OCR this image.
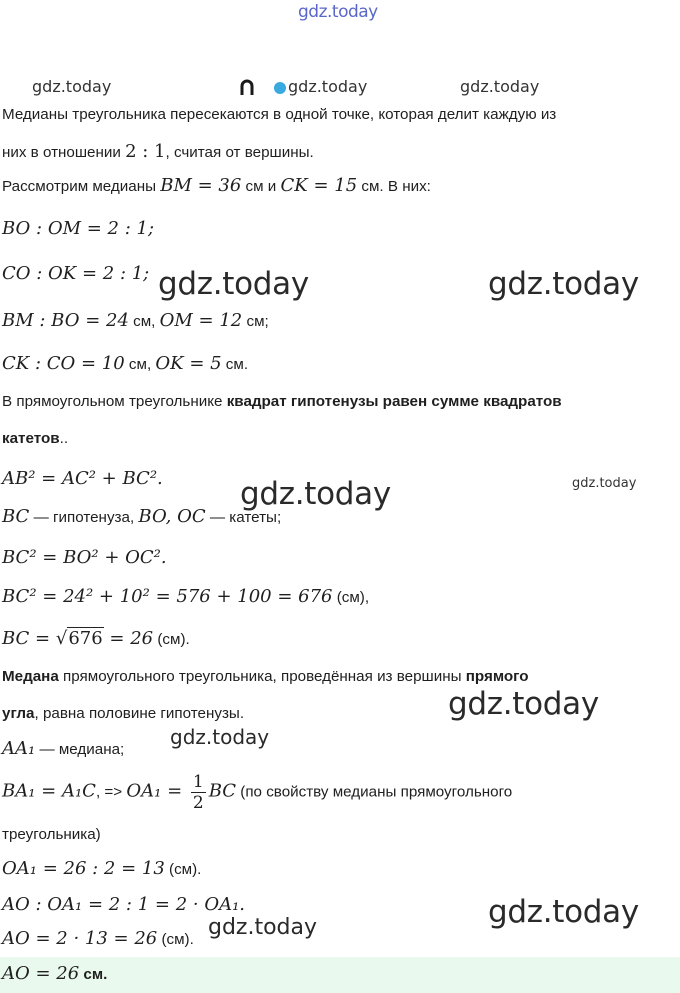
gdz.today
gdz.today	gdz.today	gdz.today
Медианы треугольника пересекаются в одной точке, которая делит каждую из
них в отношении 2 : 1, считая от вершины.
Рассмотрим медианы BM = 36 см и CK = 15 см. В них:
BO : OM = 2 : 1;
CO : OK = 2 : 1; gdz.today	gdz.today
BM : BO = 24 см, OM = 12 см;
CK : CO = 10 см, OK = 5 см.
В прямоугольном треугольнике квадрат гипотенузы равен сумме квадратов
катетов..
AB² = AC² + BC². gdz.today	gdz.today
BC — гипотенуза, BO, OC — катеты;
BC² = BO² + OC².
BC² = 24² + 10² = 576 + 100 = 676 (см),
BC = √676 = 26 (см).
Медана прямоугольного треугольника, проведённая из вершины прямого
угла, равна половине гипотенузы.	gdz.today
AA₁ — медиана;
gdz.today
BA₁ = A₁C, => $OA_1 = \frac{1}{2}$ BC (по свойству медианы прямоугольного
треугольника)
OA₁ = 26 : 2 = 13 (см).
AO : OA₁ = 2 : 1 = 2 · OA₁.	gdz.today
AO = 2 · 13 = 26 (см). gdz.today
AO = 26 см.
